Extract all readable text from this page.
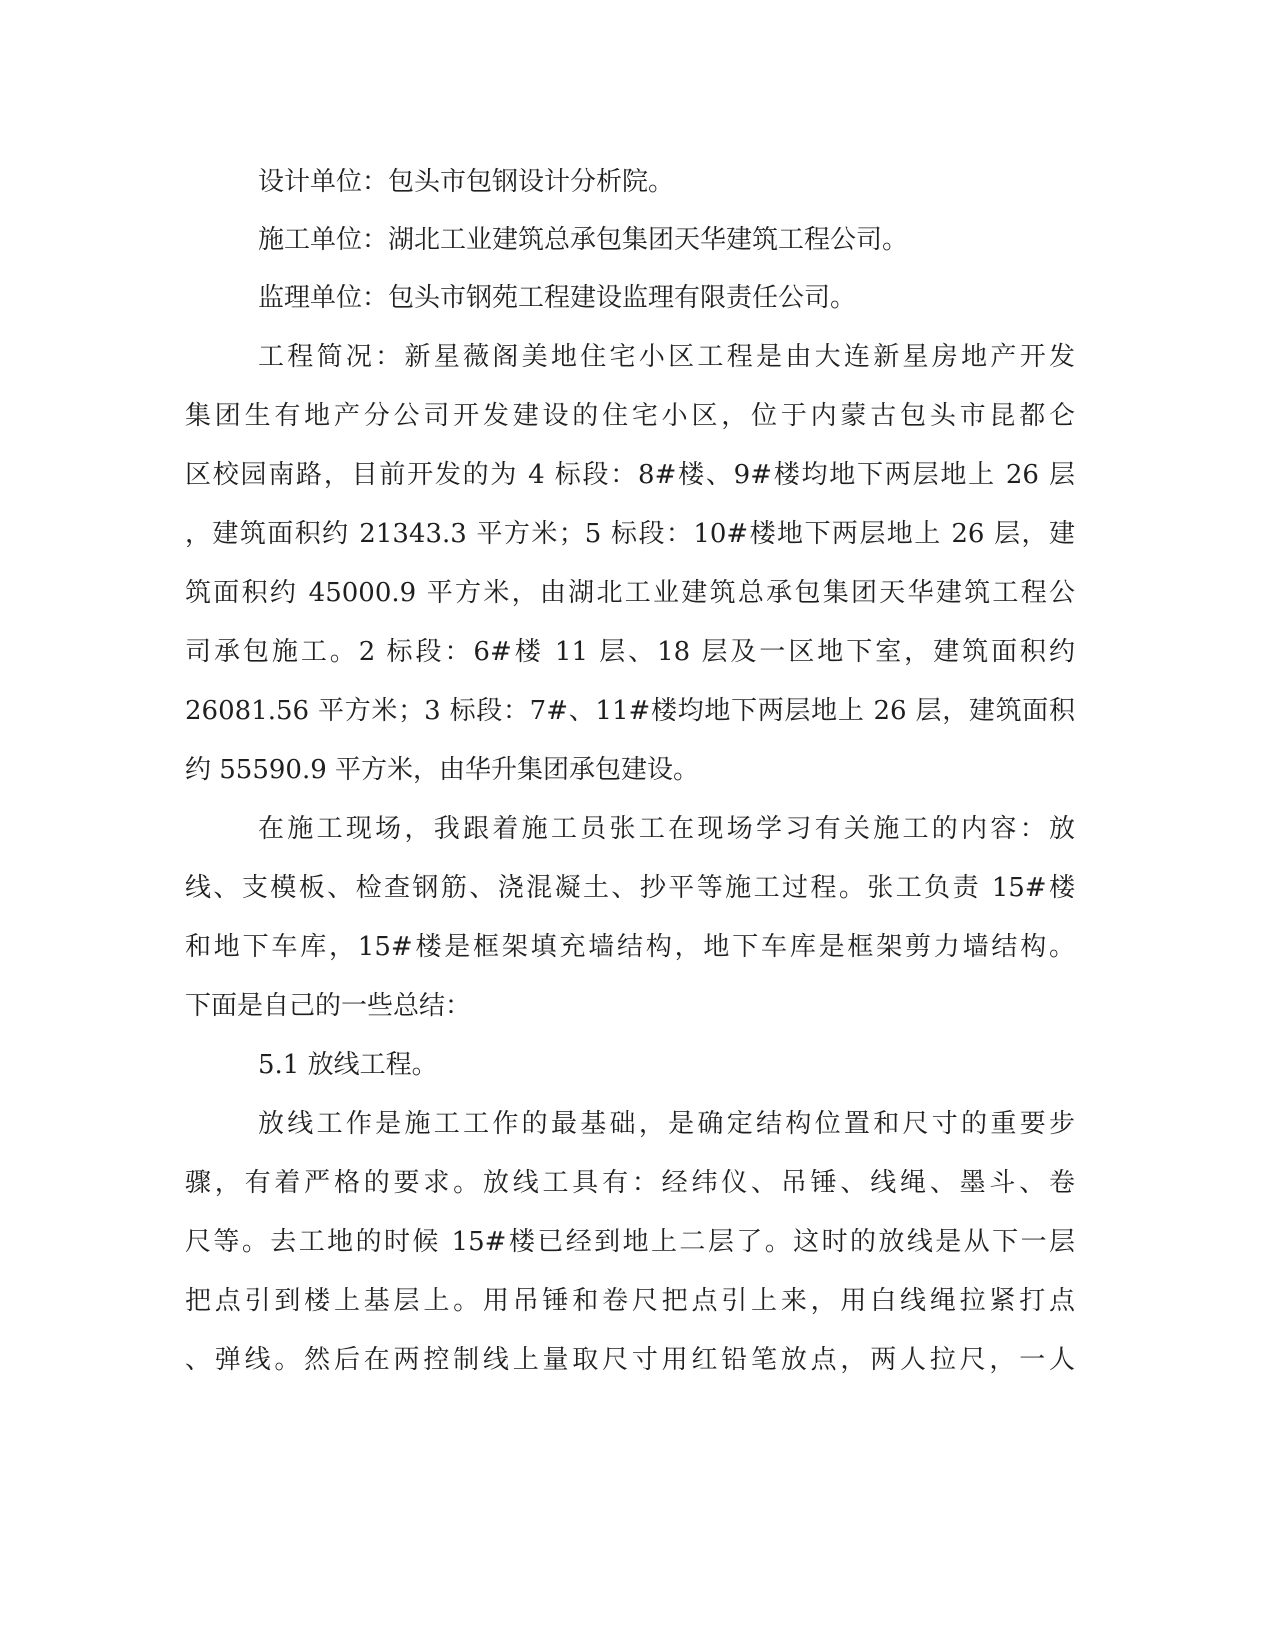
设计单位：包头市包钢设计分析院。
施工单位：湖北工业建筑总承包集团天华建筑工程公司。
监理单位：包头市钢苑工程建设监理有限责任公司。
工程简况：新星薇阁美地住宅小区工程是由大连新星房地产开发
集团生有地产分公司开发建设的住宅小区，位于内蒙古包头市昆都仑
区校园南路，目前开发的为 4 标段：8#楼、9#楼均地下两层地上 26 层
，建筑面积约 21343.3 平方米；5 标段：10#楼地下两层地上 26 层，建
筑面积约 45000.9 平方米，由湖北工业建筑总承包集团天华建筑工程公
司承包施工。2 标段：6#楼 11 层、18 层及一区地下室，建筑面积约
26081.56 平方米；3 标段：7#、11#楼均地下两层地上 26 层，建筑面积
约 55590.9 平方米，由华升集团承包建设。
在施工现场，我跟着施工员张工在现场学习有关施工的内容：放
线、支模板、检查钢筋、浇混凝土、抄平等施工过程。张工负责 15#楼
和地下车库，15#楼是框架填充墙结构，地下车库是框架剪力墙结构。
下面是自己的一些总结：
5.1 放线工程。
放线工作是施工工作的最基础，是确定结构位置和尺寸的重要步
骤，有着严格的要求。放线工具有：经纬仪、吊锤、线绳、墨斗、卷
尺等。去工地的时候 15#楼已经到地上二层了。这时的放线是从下一层
把点引到楼上基层上。用吊锤和卷尺把点引上来，用白线绳拉紧打点
、弹线。然后在两控制线上量取尺寸用红铅笔放点，两人拉尺，一人
